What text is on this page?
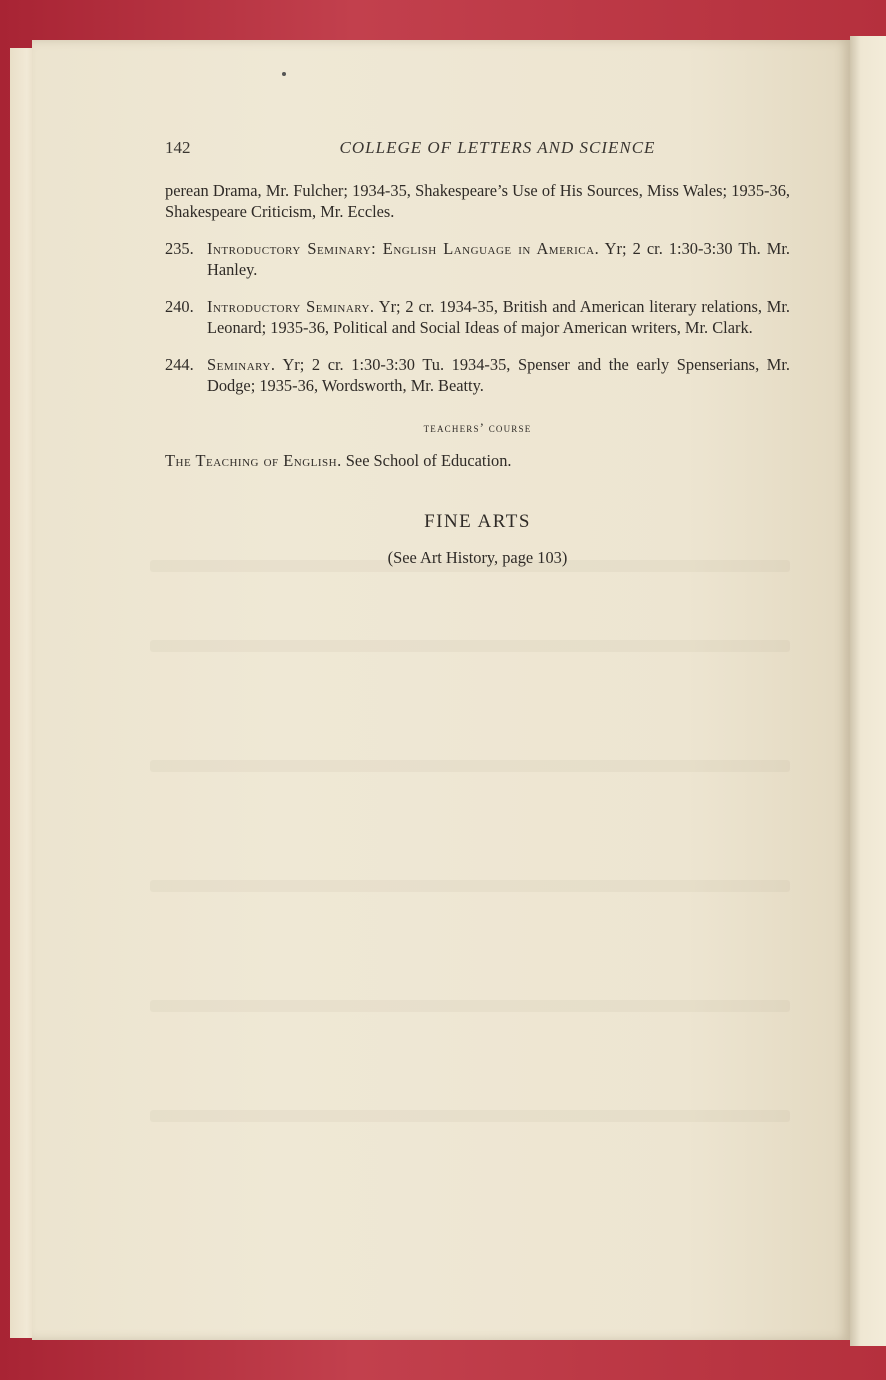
142	COLLEGE OF LETTERS AND SCIENCE

perean Drama, Mr. Fulcher; 1934-35, Shakespeare’s Use of His Sources, Miss Wales; 1935-36, Shakespeare Criticism, Mr. Eccles.

235. Introductory Seminary: English Language in America. Yr; 2 cr. 1:30-3:30 Th. Mr. Hanley.
240. Introductory Seminary. Yr; 2 cr. 1934-35, British and American literary relations, Mr. Leonard; 1935-36, Political and Social Ideas of major American writers, Mr. Clark.
244. Seminary. Yr; 2 cr. 1:30-3:30 Tu. 1934-35, Spenser and the early Spenserians, Mr. Dodge; 1935-36, Wordsworth, Mr. Beatty.
teachers’ course

The Teaching of English. See School of Education.

FINE ARTS
(See Art History, page 103)
